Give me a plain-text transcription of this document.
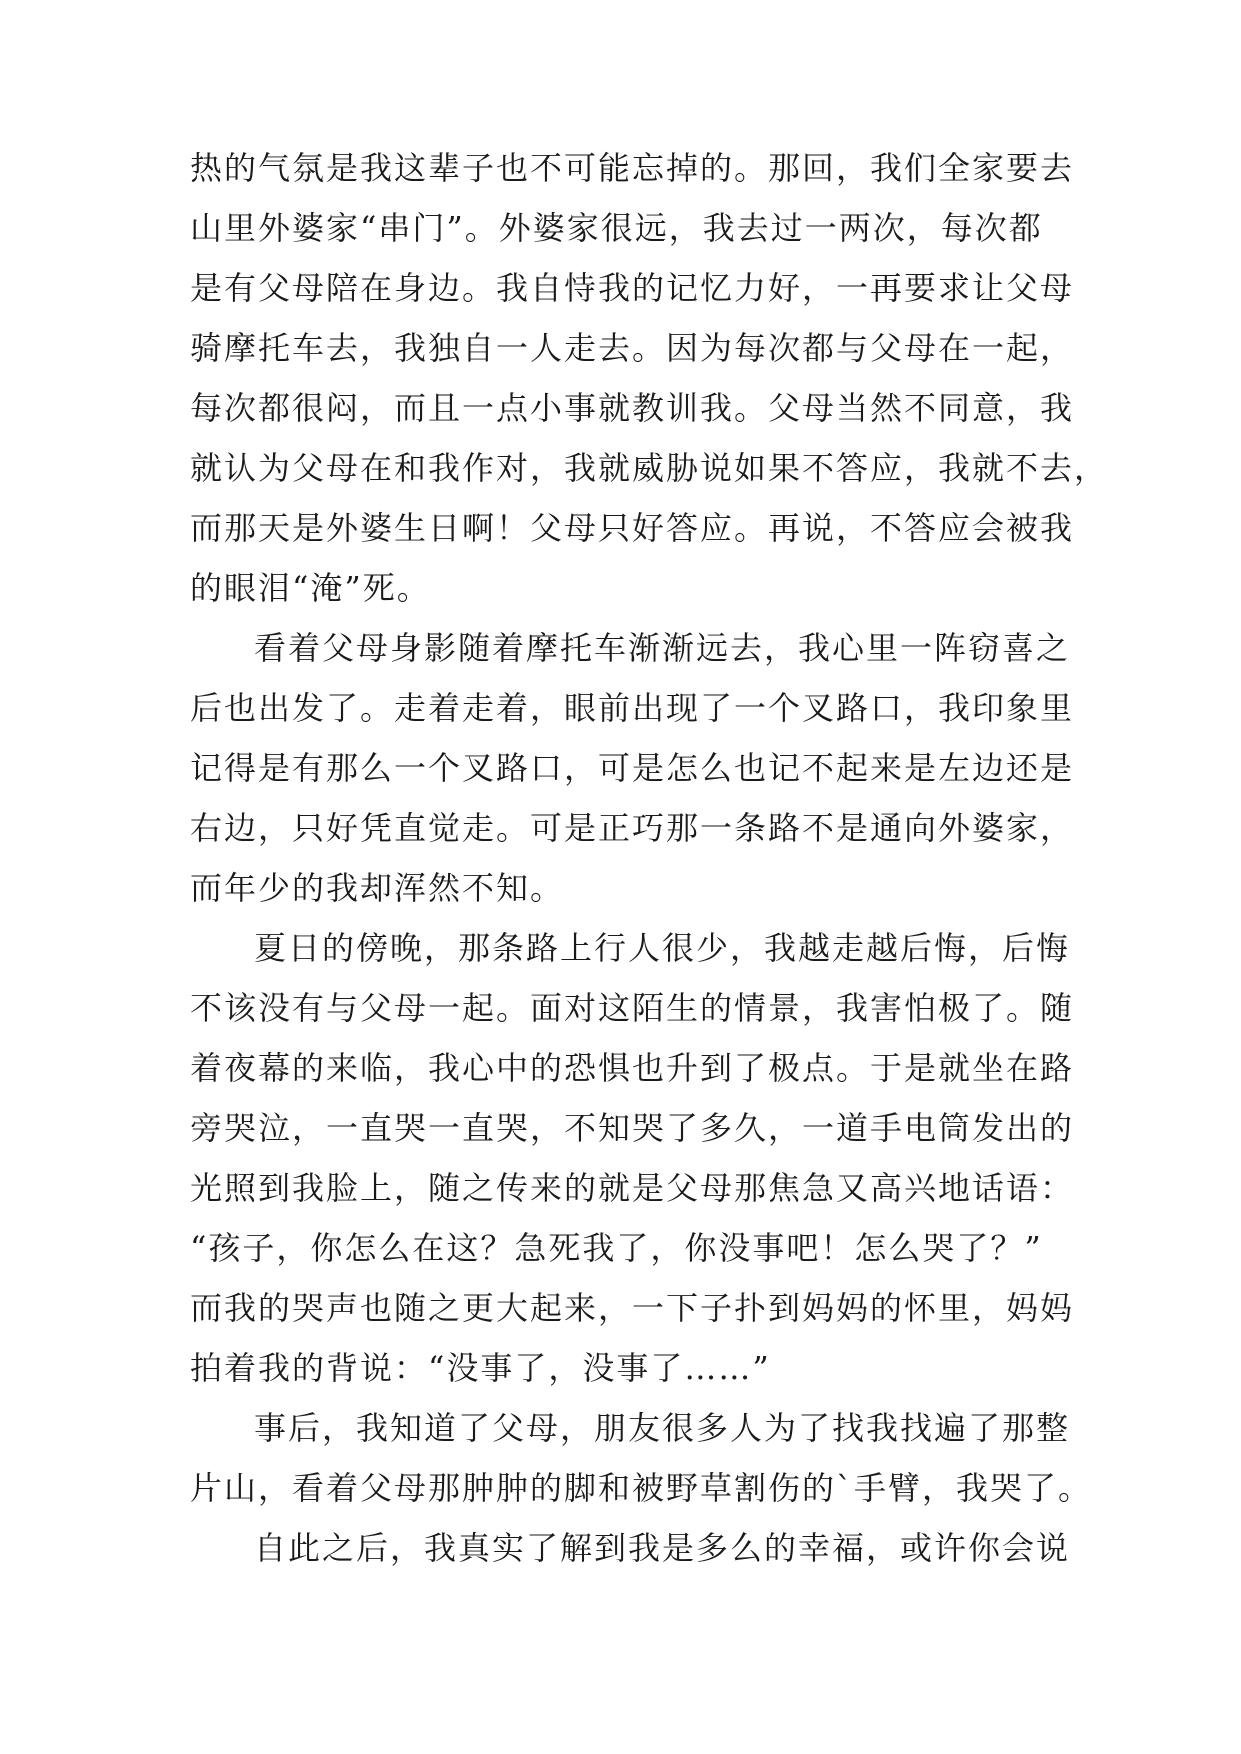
热的气氛是我这辈子也不可能忘掉的。那回，我们全家要去
山里外婆家“串门”。外婆家很远，我去过一两次，每次都
是有父母陪在身边。我自恃我的记忆力好，一再要求让父母
骑摩托车去，我独自一人走去。因为每次都与父母在一起，
每次都很闷，而且一点小事就教训我。父母当然不同意，我
就认为父母在和我作对，我就威胁说如果不答应，我就不去，
而那天是外婆生日啊！父母只好答应。再说，不答应会被我
的眼泪“淹”死。
看着父母身影随着摩托车渐渐远去，我心里一阵窃喜之
后也出发了。走着走着，眼前出现了一个叉路口，我印象里
记得是有那么一个叉路口，可是怎么也记不起来是左边还是
右边，只好凭直觉走。可是正巧那一条路不是通向外婆家，
而年少的我却浑然不知。
夏日的傍晚，那条路上行人很少，我越走越后悔，后悔
不该没有与父母一起。面对这陌生的情景，我害怕极了。随
着夜幕的来临，我心中的恐惧也升到了极点。于是就坐在路
旁哭泣，一直哭一直哭，不知哭了多久，一道手电筒发出的
光照到我脸上，随之传来的就是父母那焦急又高兴地话语：
“孩子，你怎么在这？急死我了，你没事吧！怎么哭了？”
而我的哭声也随之更大起来，一下子扑到妈妈的怀里，妈妈
拍着我的背说：“没事了，没事了……”
事后，我知道了父母，朋友很多人为了找我找遍了那整
片山，看着父母那肿肿的脚和被野草割伤的`手臂，我哭了。
自此之后，我真实了解到我是多么的幸福，或许你会说
